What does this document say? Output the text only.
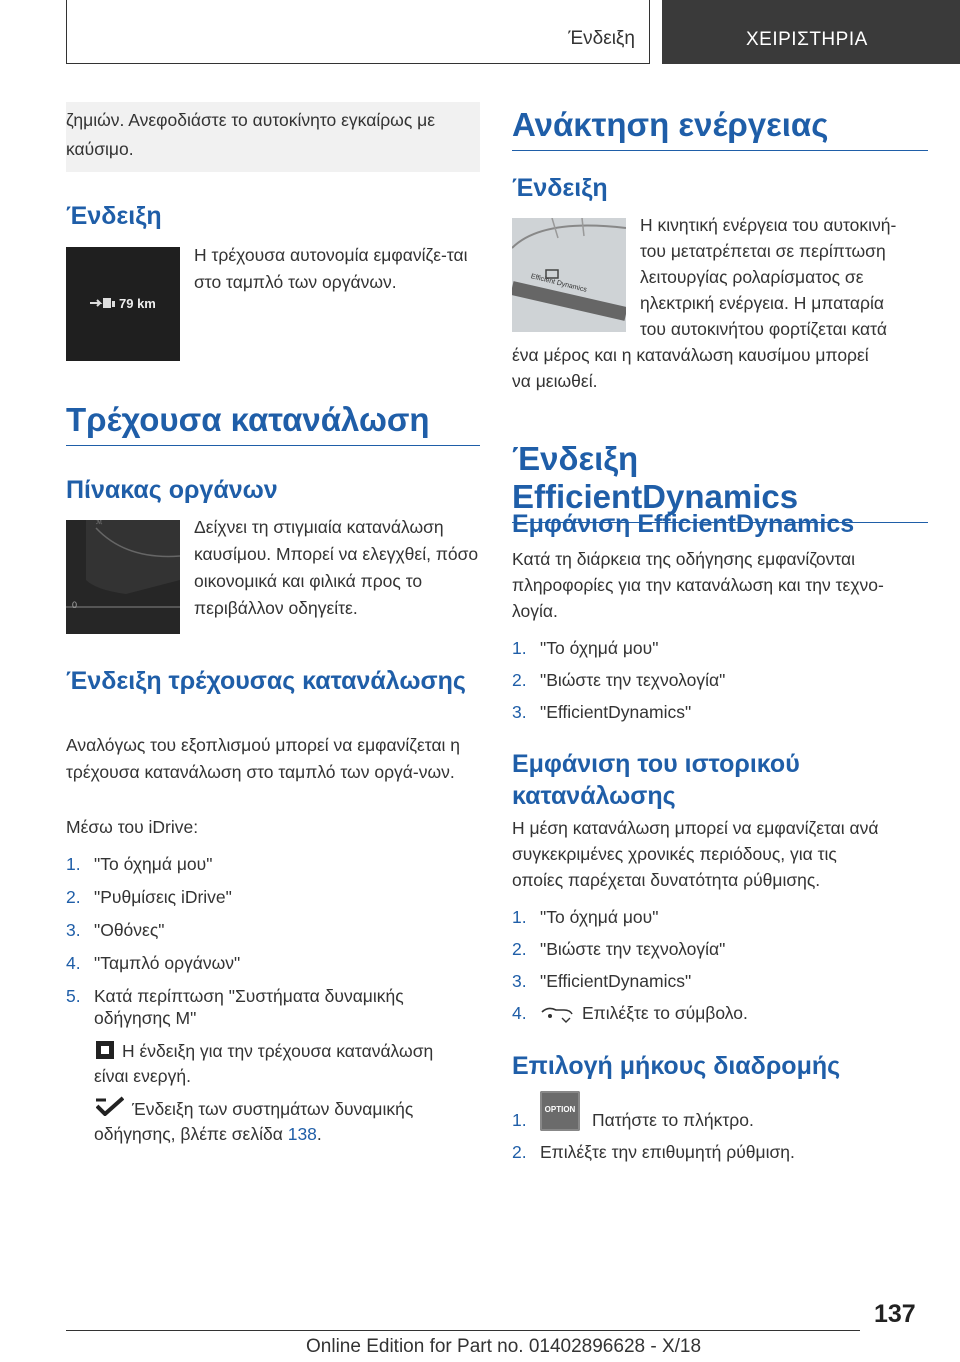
Ένδειξη	ΧΕΙΡΙΣΤΗΡΙΑ

ζημιών. Ανεφοδιάστε το αυτοκίνητο εγκαίρως με καύσιμο.

Ένδειξη
79 km

Η τρέχουσα αυτονομία εμφανίζε-ται στο ταμπλό των οργάνων.

Τρέχουσα κατανάλωση
Πίνακας οργάνων
0
ℳ	Δείχνει τη στιγμιαία κατανάλωση καυσίμου. Μπορεί να ελεγχθεί, πόσο οικονομικά και φιλικά προς το περιβάλλον οδηγείτε.

Ένδειξη τρέχουσας κατανάλωσης

Αναλόγως του εξοπλισμού μπορεί να εμφανίζεται η τρέχουσα κατανάλωση στο ταμπλό των οργά-νων.

Μέσω του iDrive:

1. "Το όχημά μου"
2. "Ρυθμίσεις iDrive"
3. "Οθόνες"
4. "Ταμπλό οργάνων"
5. Κατά περίπτωση "Συστήματα δυναμικής

οδήγησης M"

Η ένδειξη για την τρέχουσα κατανάλωση

είναι ενεργή.

Ένδειξη των συστημάτων δυναμικής

οδήγησης, βλέπε σελίδα 138.

Ανάκτηση ενέργειας
Ένδειξη
Efficient Dynamics

Η κινητική ενέργεια του αυτοκινή-

του μετατρέπεται σε περίπτωση

λειτουργίας ρολαρίσματος σε

ηλεκτρική ενέργεια. Η μπαταρία

του αυτοκινήτου φορτίζεται κατά

ένα μέρος και η κατανάλωση καυσίμου μπορεί

να μειωθεί.

Ένδειξη EfficientDynamics
Εμφάνιση EfficientDynamics

Κατά τη διάρκεια της οδήγησης εμφανίζονται

πληροφορίες για την κατανάλωση και την τεχνο-

λογία.

1. "Το όχημά μου"
2. "Βιώστε την τεχνολογία"
3. "EfficientDynamics"
Εμφάνιση του ιστορικού κατανάλωσης

Η μέση κατανάλωση μπορεί να εμφανίζεται ανά

συγκεκριμένες χρονικές περιόδους, για τις

οποίες παρέχεται δυνατότητα ρύθμισης.

1. "Το όχημά μου"
2. "Βιώστε την τεχνολογία"
3. "EfficientDynamics"
4.	Επιλέξτε το σύμβολο.
Επιλογή μήκους διαδρομής
1.
OPTION

Πατήστε το πλήκτρο.

2. Επιλέξτε την επιθυμητή ρύθμιση.
137
Online Edition for Part no. 01402896628 - X/18
